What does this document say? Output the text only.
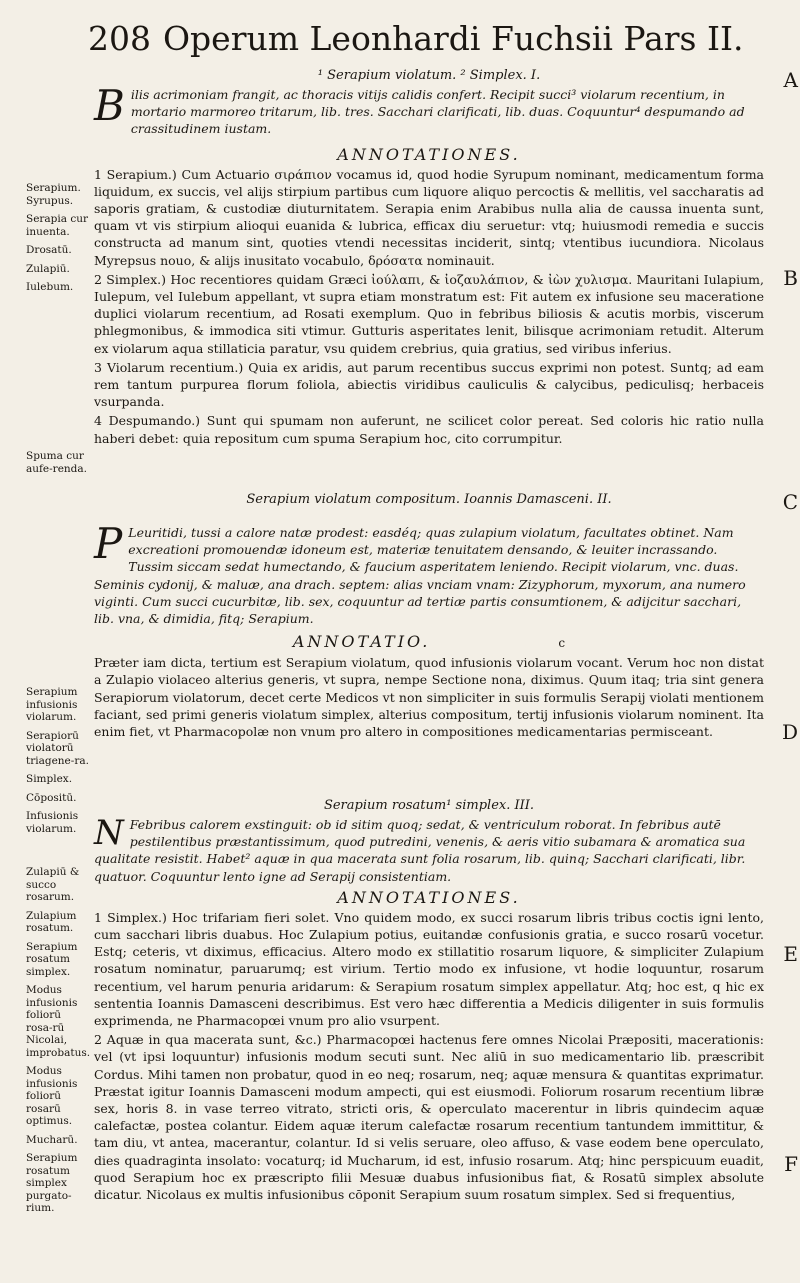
208 Operum Leonhardi Fuchsii Pars II.
A
B
C
D
E
F
Serapium. Syrupus.
Serapia cur inuenta.
Drosatū.
Zulapiū.
Iulebum.
Spuma cur aufe-renda.
Serapium infusionis violarum.
Serapiorū violatorū triagene-ra.
Simplex.
Cōpositū.
Infusionis violarum.
Zulapiū & succo rosarum.
Zulapium rosatum.
Serapium rosatum simplex.
Modus infusionis foliorū rosa-rū Nicolai, improbatus.
Modus infusionis foliorū rosarū optimus.
Mucharū.
Serapium rosatum simplex purgato-rium.
¹ Serapium violatum. ² Simplex. I.
Bilis acrimoniam frangit, ac thoracis vitijs calidis confert. Recipit succi³ violarum recentium, in mortario marmoreo tritarum, lib. tres. Sacchari clarificati, lib. duas. Coquuntur⁴ despumando ad crassitudinem iustam.
ANNOTATIONES.

1 Serapium.) Cum Actuario σιράπιον vocamus id, quod hodie Syrupum nominant, medicamentum forma liquidum, ex succis, vel alijs stirpium partibus cum liquore aliquo percoctis & mellitis, vel saccharatis ad saporis gratiam, & custodiæ diuturnitatem. Serapia enim Arabibus nulla alia de caussa inuenta sunt, quam vt vis stirpium alioqui euanida & lubrica, efficax diu seruetur: vtq; huiusmodi remedia e succis constructa ad manum sint, quoties vtendi necessitas inciderit, sintq; vtentibus iucundiora. Nicolaus Myrepsus nouo, & alijs inusitato vocabulo, δρόσατα nominauit.

2 Simplex.) Hoc recentiores quidam Græci ἰούλαπι, & ἰοζαυλάπιον, & ἰὼν χυλισμα. Mauritani Iulapium, Iulepum, vel Iulebum appellant, vt supra etiam monstratum est: Fit autem ex infusione seu maceratione duplici violarum recentium, ad Rosati exemplum. Quo in febribus biliosis & acutis morbis, viscerum phlegmonibus, & immodica siti vtimur. Gutturis asperitates lenit, bilisque acrimoniam retudit. Alterum ex violarum aqua stillaticia paratur, vsu quidem crebrius, quia gratius, sed viribus inferius.

3 Violarum recentium.) Quia ex aridis, aut parum recentibus succus exprimi non potest. Suntq; ad eam rem tantum purpurea florum foliola, abiectis viridibus cauliculis & calycibus, pediculisq; herbaceis vsurpanda.

4 Despumando.) Sunt qui spumam non auferunt, ne scilicet color pereat. Sed coloris hic ratio nulla haberi debet: quia repositum cum spuma Serapium hoc, cito corrumpitur.

Serapium violatum compositum. Ioannis Damasceni. II.
P Leuritidi, tussi a calore natæ prodest: easdéq; quas zulapium violatum, facultates obtinet. Nam excreationi promouendæ idoneum est, materiæ tenuitatem densando, & leuiter incrassando. Tussim siccam sedat humectando, & faucium asperitatem leniendo. Recipit violarum, vnc. duas. Seminis cydonij, & maluæ, ana drach. septem: alias vnciam vnam: Zizyphorum, myxorum, ana numero viginti. Cum succi cucurbitæ, lib. sex, coquuntur ad tertiæ partis consumtionem, & adijcitur sacchari, lib. vna, & dimidia, fitq; Serapium.
ANNOTATIO.	c

Præter iam dicta, tertium est Serapium violatum, quod infusionis violarum vocant. Verum hoc non distat a Zulapio violaceo alterius generis, vt supra, nempe Sectione nona, diximus. Quum itaq; tria sint genera Serapiorum violatorum, decet certe Medicos vt non simpliciter in suis formulis Serapij violati mentionem faciant, sed primi generis violatum simplex, alterius compositum, tertij infusionis violarum nominent. Ita enim fiet, vt Pharmacopolæ non vnum pro altero in compositiones medicamentarias permisceant.

Serapium rosatum¹ simplex. III.
N Febribus calorem exstinguit: ob id sitim quoq; sedat, & ventriculum roborat. In febribus autē pestilentibus præstantissimum, quod putredini, venenis, & aeris vitio subamara & aromatica sua qualitate resistit. Habet² aquæ in qua macerata sunt folia rosarum, lib. quinq; Sacchari clarificati, libr. quatuor. Coquuntur lento igne ad Serapij consistentiam.
ANNOTATIONES.

1 Simplex.) Hoc trifariam fieri solet. Vno quidem modo, ex succi rosarum libris tribus coctis igni lento, cum sacchari libris duabus. Hoc Zulapium potius, euitandæ confusionis gratia, e succo rosarū vocetur. Estq; ceteris, vt diximus, efficacius. Altero modo ex stillatitio rosarum liquore, & simpliciter Zulapium rosatum nominatur, paruarumq; est virium. Tertio modo ex infusione, vt hodie loquuntur, rosarum recentium, vel harum penuria aridarum: & Serapium rosatum simplex appellatur. Atq; hoc est, q hic ex sententia Ioannis Damasceni describimus. Est vero hæc differentia a Medicis diligenter in suis formulis exprimenda, ne Pharmacopœi vnum pro alio vsurpent.

2 Aquæ in qua macerata sunt, &c.) Pharmacopœi hactenus fere omnes Nicolai Præpositi, macerationis: vel (vt ipsi loquuntur) infusionis modum secuti sunt. Nec aliū in suo medicamentario lib. præscribit Cordus. Mihi tamen non probatur, quod in eo neq; rosarum, neq; aquæ mensura & quantitas exprimatur. Præstat igitur Ioannis Damasceni modum ampecti, qui est eiusmodi. Foliorum rosarum recentium libræ sex, horis 8. in vase terreo vitrato, stricti oris, & operculato macerentur in libris quindecim aquæ calefactæ, postea colantur. Eidem aquæ iterum calefactæ rosarum recentium tantundem immittitur, & tam diu, vt antea, macerantur, colantur. Id si velis seruare, oleo affuso, & vase eodem bene operculato, dies quadraginta insolato: vocaturq; id Mucharum, id est, infusio rosarum. Atq; hinc perspicuum euadit, quod Serapium hoc ex præscripto filii Mesuæ duabus infusionibus fiat, & Rosatū simplex absolute dicatur. Nicolaus ex multis infusionibus cōponit Serapium suum rosatum simplex. Sed si frequentius,
